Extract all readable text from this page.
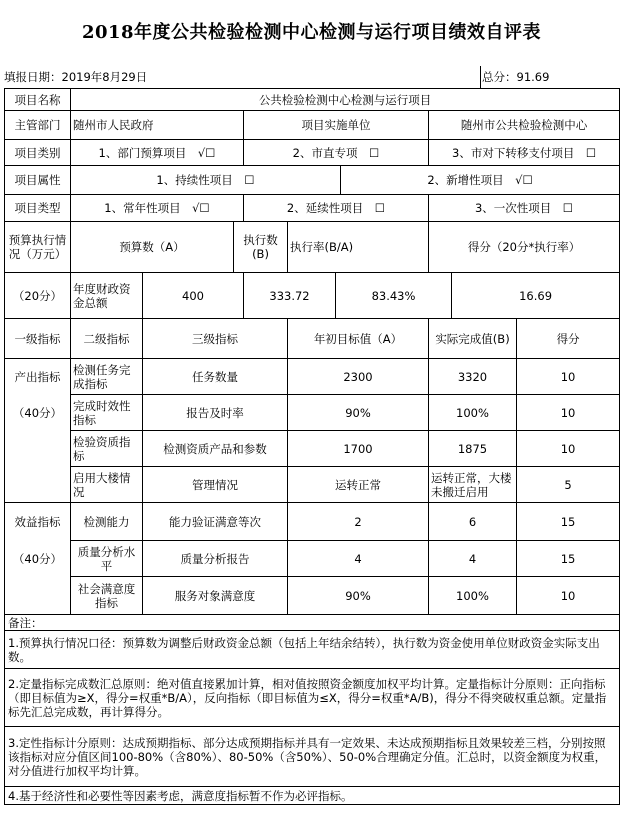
2018年度公共检验检测中心检测与运行项目绩效自评表
填报日期：2019年8月29日	总分：91.69
项目名称	公共检验检测中心检测与运行项目									
主管部门	随州市人民政府			项目实施单位				随州市公共检验检测中心		
项目类别	1、部门预算项目　√☐			2、市直专项　☐				3、市对下转移支付项目　☐		
项目属性	1、持续性项目　☐						2、新增性项目　√☐			
项目类型	1、常年性项目　√☐			2、延续性项目　☐				3、一次性项目　☐		
预算执行情况（万元）	预算数（A）		执行数(B)		执行率(B/A)			得分（20分*执行率）		
（20分）	年度财政资金总额	400		333.72		83.43%			16.69	
一级指标	二级指标	三级指标			年初目标值（A）			实际完成值(B)		得分
产出指标	检测任务完成指标	任务数量			2300			3320		10
（40分）	完成时效性指标	报告及时率			90%			100%		10
	检验资质指标	检测资质产品和参数			1700			1875		10
	启用大楼情况	管理情况			运转正常			运转正常，大楼未搬迁启用		5
效益指标	检测能力	能力验证满意等次			2			6		15
（40分）	质量分析水平	质量分析报告			4			4		15
	社会满意度指标	服务对象满意度			90%			100%		10
备注：										
1.预算执行情况口径：预算数为调整后财政资金总额（包括上年结余结转），执行数为资金使用单位财政资金实际支出数。										
2.定量指标完成数汇总原则：绝对值直接累加计算，相对值按照资金额度加权平均计算。定量指标计分原则：正向指标（即目标值为≥X，得分=权重*B/A），反向指标（即目标值为≤X，得分=权重*A/B)，得分不得突破权重总额。定量指标先汇总完成数，再计算得分。										
3.定性指标计分原则：达成预期指标、部分达成预期指标并具有一定效果、未达成预期指标且效果较差三档，分别按照该指标对应分值区间100-80%（含80%）、80-50%（含50%）、50-0%合理确定分值。汇总时，以资金额度为权重，对分值进行加权平均计算。										
4.基于经济性和必要性等因素考虑，满意度指标暂不作为必评指标。										
